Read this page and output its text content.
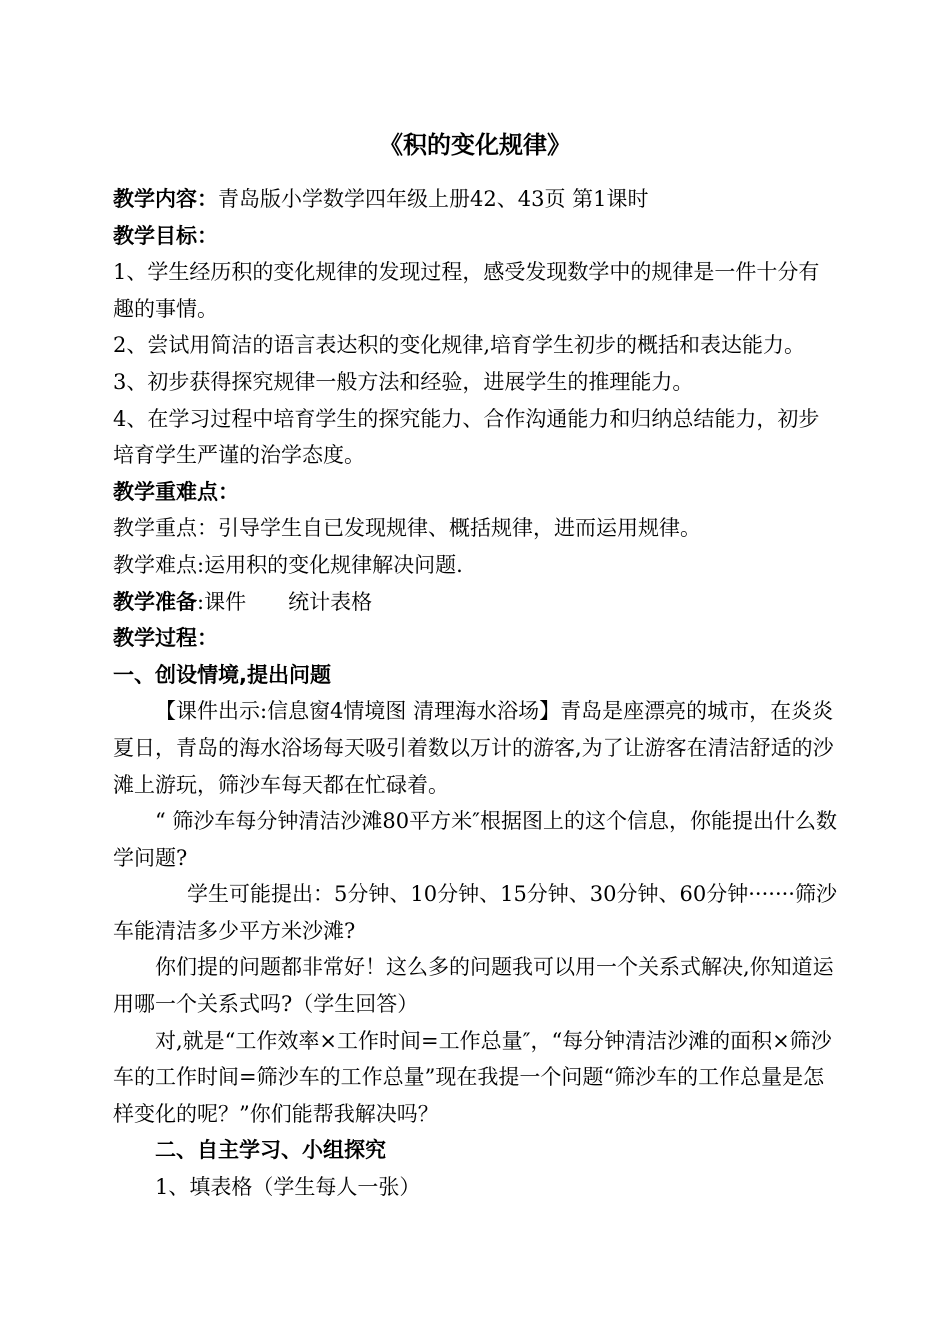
《积的变化规律》

教学内容：青岛版小学数学四年级上册42、43页 第1课时

教学目标：

1、学生经历积的变化规律的发现过程，感受发现数学中的规律是一件十分有趣的事情。

2、尝试用简洁的语言表达积的变化规律,培育学生初步的概括和表达能力。

3、初步获得探究规律一般方法和经验，进展学生的推理能力。

4、在学习过程中培育学生的探究能力、合作沟通能力和归纳总结能力，初步培育学生严谨的治学态度。

教学重难点：

教学重点：引导学生自已发现规律、概括规律，进而运用规律。

教学难点:运用积的变化规律解决问题.

教学准备:课件　　统计表格

教学过程：

一、创设情境,提出问题

【课件出示:信息窗4情境图 清理海水浴场】青岛是座漂亮的城市，在炎炎夏日，青岛的海水浴场每天吸引着数以万计的游客,为了让游客在清洁舒适的沙滩上游玩，筛沙车每天都在忙碌着。

“ 筛沙车每分钟清洁沙滩80平方米″根据图上的这个信息，你能提出什么数学问题?

学生可能提出：5分钟、10分钟、15分钟、30分钟、60分钟·······筛沙车能清洁多少平方米沙滩?

你们提的问题都非常好！这么多的问题我可以用一个关系式解决,你知道运用哪一个关系式吗?（学生回答）

对,就是“工作效率×工作时间=工作总量″，“每分钟清洁沙滩的面积×筛沙车的工作时间=筛沙车的工作总量”现在我提一个问题“筛沙车的工作总量是怎样变化的呢？”你们能帮我解决吗？

二、自主学习、小组探究

1、填表格（学生每人一张）
